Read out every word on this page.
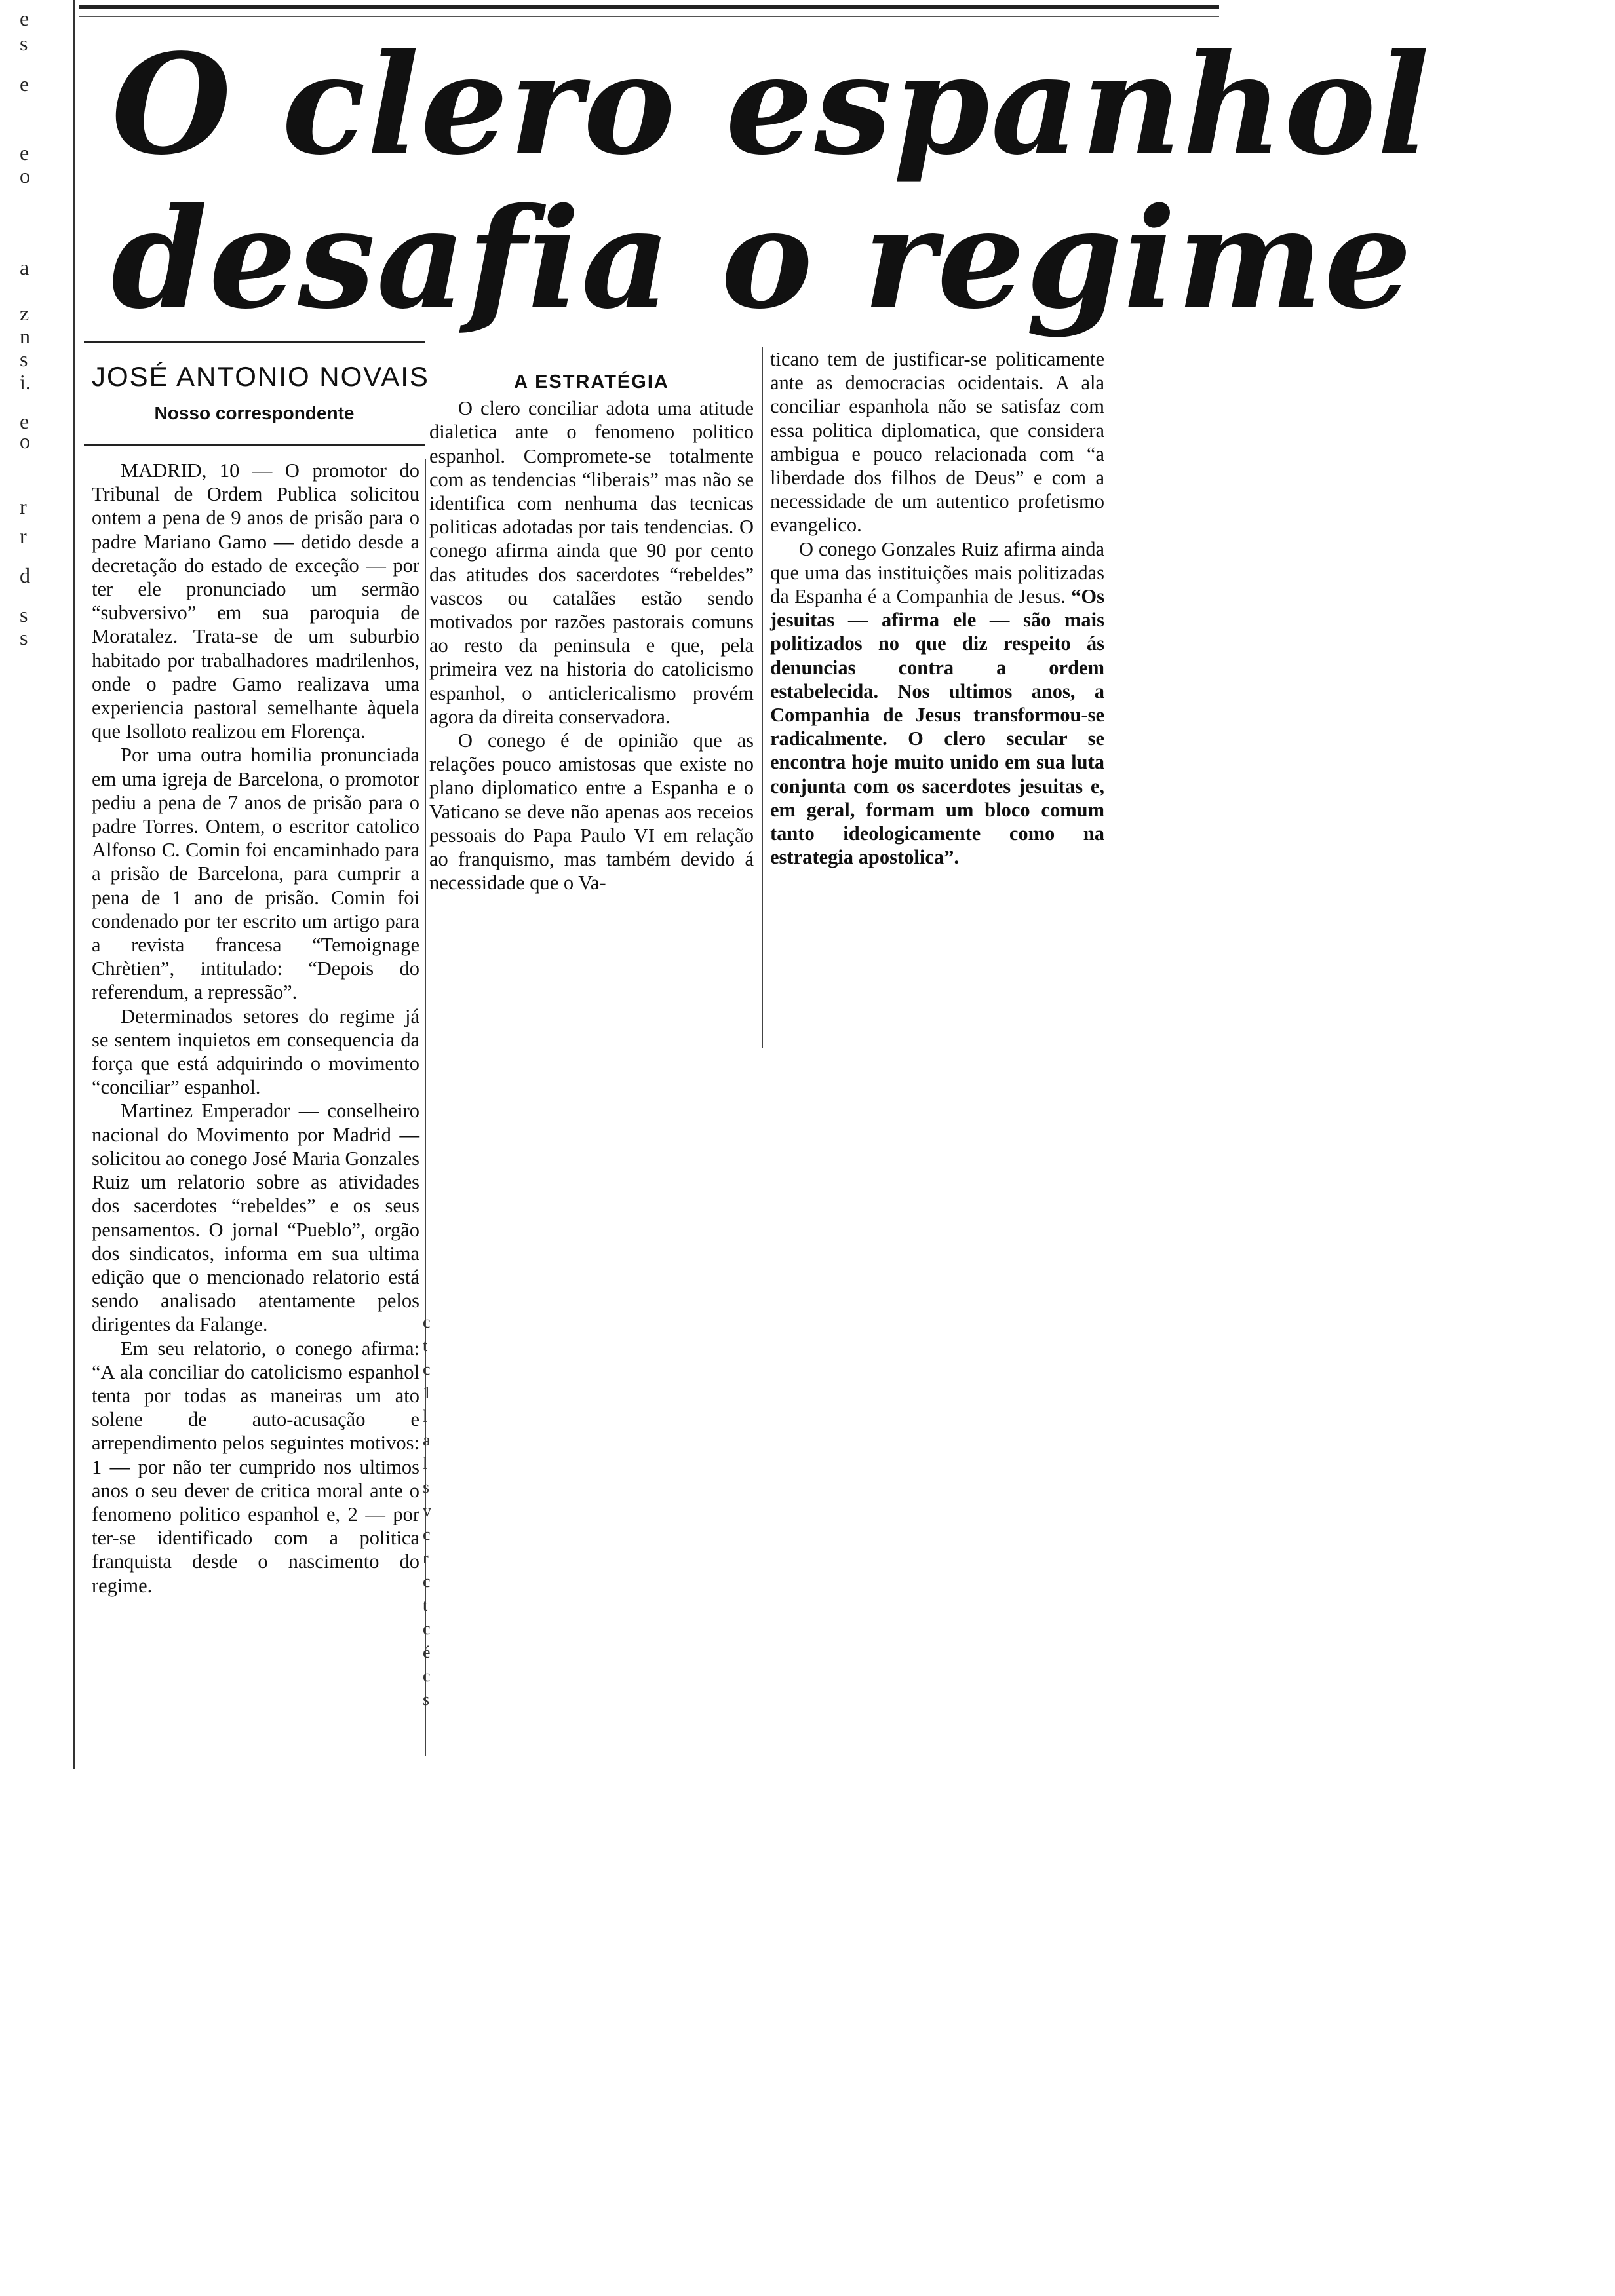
e
s
e
e
o
a
z
n
s
i.
e
o
r
r
d
s
s
O clero espanhol
desafia o regime
JOSÉ ANTONIO NOVAIS
Nosso correspondente

MADRID, 10 — O promotor do Tribunal de Ordem Publica solicitou ontem a pena de 9 anos de prisão para o padre Mariano Gamo — detido desde a decretação do estado de exceção — por ter ele pronunciado um sermão “subversivo” em sua paroquia de Moratalez. Trata-se de um suburbio habitado por trabalhadores madrilenhos, onde o padre Gamo realizava uma experiencia pastoral semelhante àquela que Isolloto realizou em Florença.

Por uma outra homilia pronunciada em uma igreja de Barcelona, o promotor pediu a pena de 7 anos de prisão para o padre Torres. Ontem, o escritor catolico Alfonso C. Comin foi encaminhado para a prisão de Barcelona, para cumprir a pena de 1 ano de prisão. Comin foi condenado por ter escrito um artigo para a revista francesa “Temoignage Chrètien”, intitulado: “Depois do referendum, a repressão”.

Determinados setores do regime já se sentem inquietos em consequencia da força que está adquirindo o movimento “conciliar” espanhol.

Martinez Emperador — conselheiro nacional do Movimento por Madrid — solicitou ao conego José Maria Gonzales Ruiz um relatorio sobre as atividades dos sacerdotes “rebeldes” e os seus pensamentos. O jornal “Pueblo”, orgão dos sindicatos, informa em sua ultima edição que o mencionado relatorio está sendo analisado atentamente pelos dirigentes da Falange.

Em seu relatorio, o conego afirma: “A ala conciliar do catolicismo espanhol tenta por todas as maneiras um ato solene de auto-acusação e arrependimento pelos seguintes motivos: 1 — por não ter cumprido nos ultimos anos o seu dever de critica moral ante o fenomeno politico espanhol e, 2 — por ter-se identificado com a politica franquista desde o nascimento do regime.

A ESTRATÉGIA

O clero conciliar adota uma atitude dialetica ante o fenomeno politico espanhol. Compromete-se totalmente com as tendencias “liberais” mas não se identifica com nenhuma das tecnicas politicas adotadas por tais tendencias. O conego afirma ainda que 90 por cento das atitudes dos sacerdotes “rebeldes” vascos ou catalães estão sendo motivados por razões pastorais comuns ao resto da peninsula e que, pela primeira vez na historia do catolicismo espanhol, o anticlericalismo provém agora da direita conservadora.

O conego é de opinião que as relações pouco amistosas que existe no plano diplomatico entre a Espanha e o Vaticano se deve não apenas aos receios pessoais do Papa Paulo VI em relação ao franquismo, mas também devido á necessidade que o Va-

ticano tem de justificar-se politicamente ante as democracias ocidentais. A ala conciliar espanhola não se satisfaz com essa politica diplomatica, que considera ambigua e pouco relacionada com “a liberdade dos filhos de Deus” e com a necessidade de um autentico profetismo evangelico.

O conego Gonzales Ruiz afirma ainda que uma das instituições mais politizadas da Espanha é a Companhia de Jesus. “Os jesuitas — afirma ele — são mais politizados no que diz respeito ás denuncias contra a ordem estabelecida. Nos ultimos anos, a Companhia de Jesus transformou-se radicalmente. O clero secular se encontra hoje muito unido em sua luta conjunta com os sacerdotes jesuitas e, em geral, formam um bloco comum tanto ideologicamente como na estrategia apostolica”.

c
t
c
1
l
a
l
s
v
c
r
c
t
c
é
c
s
